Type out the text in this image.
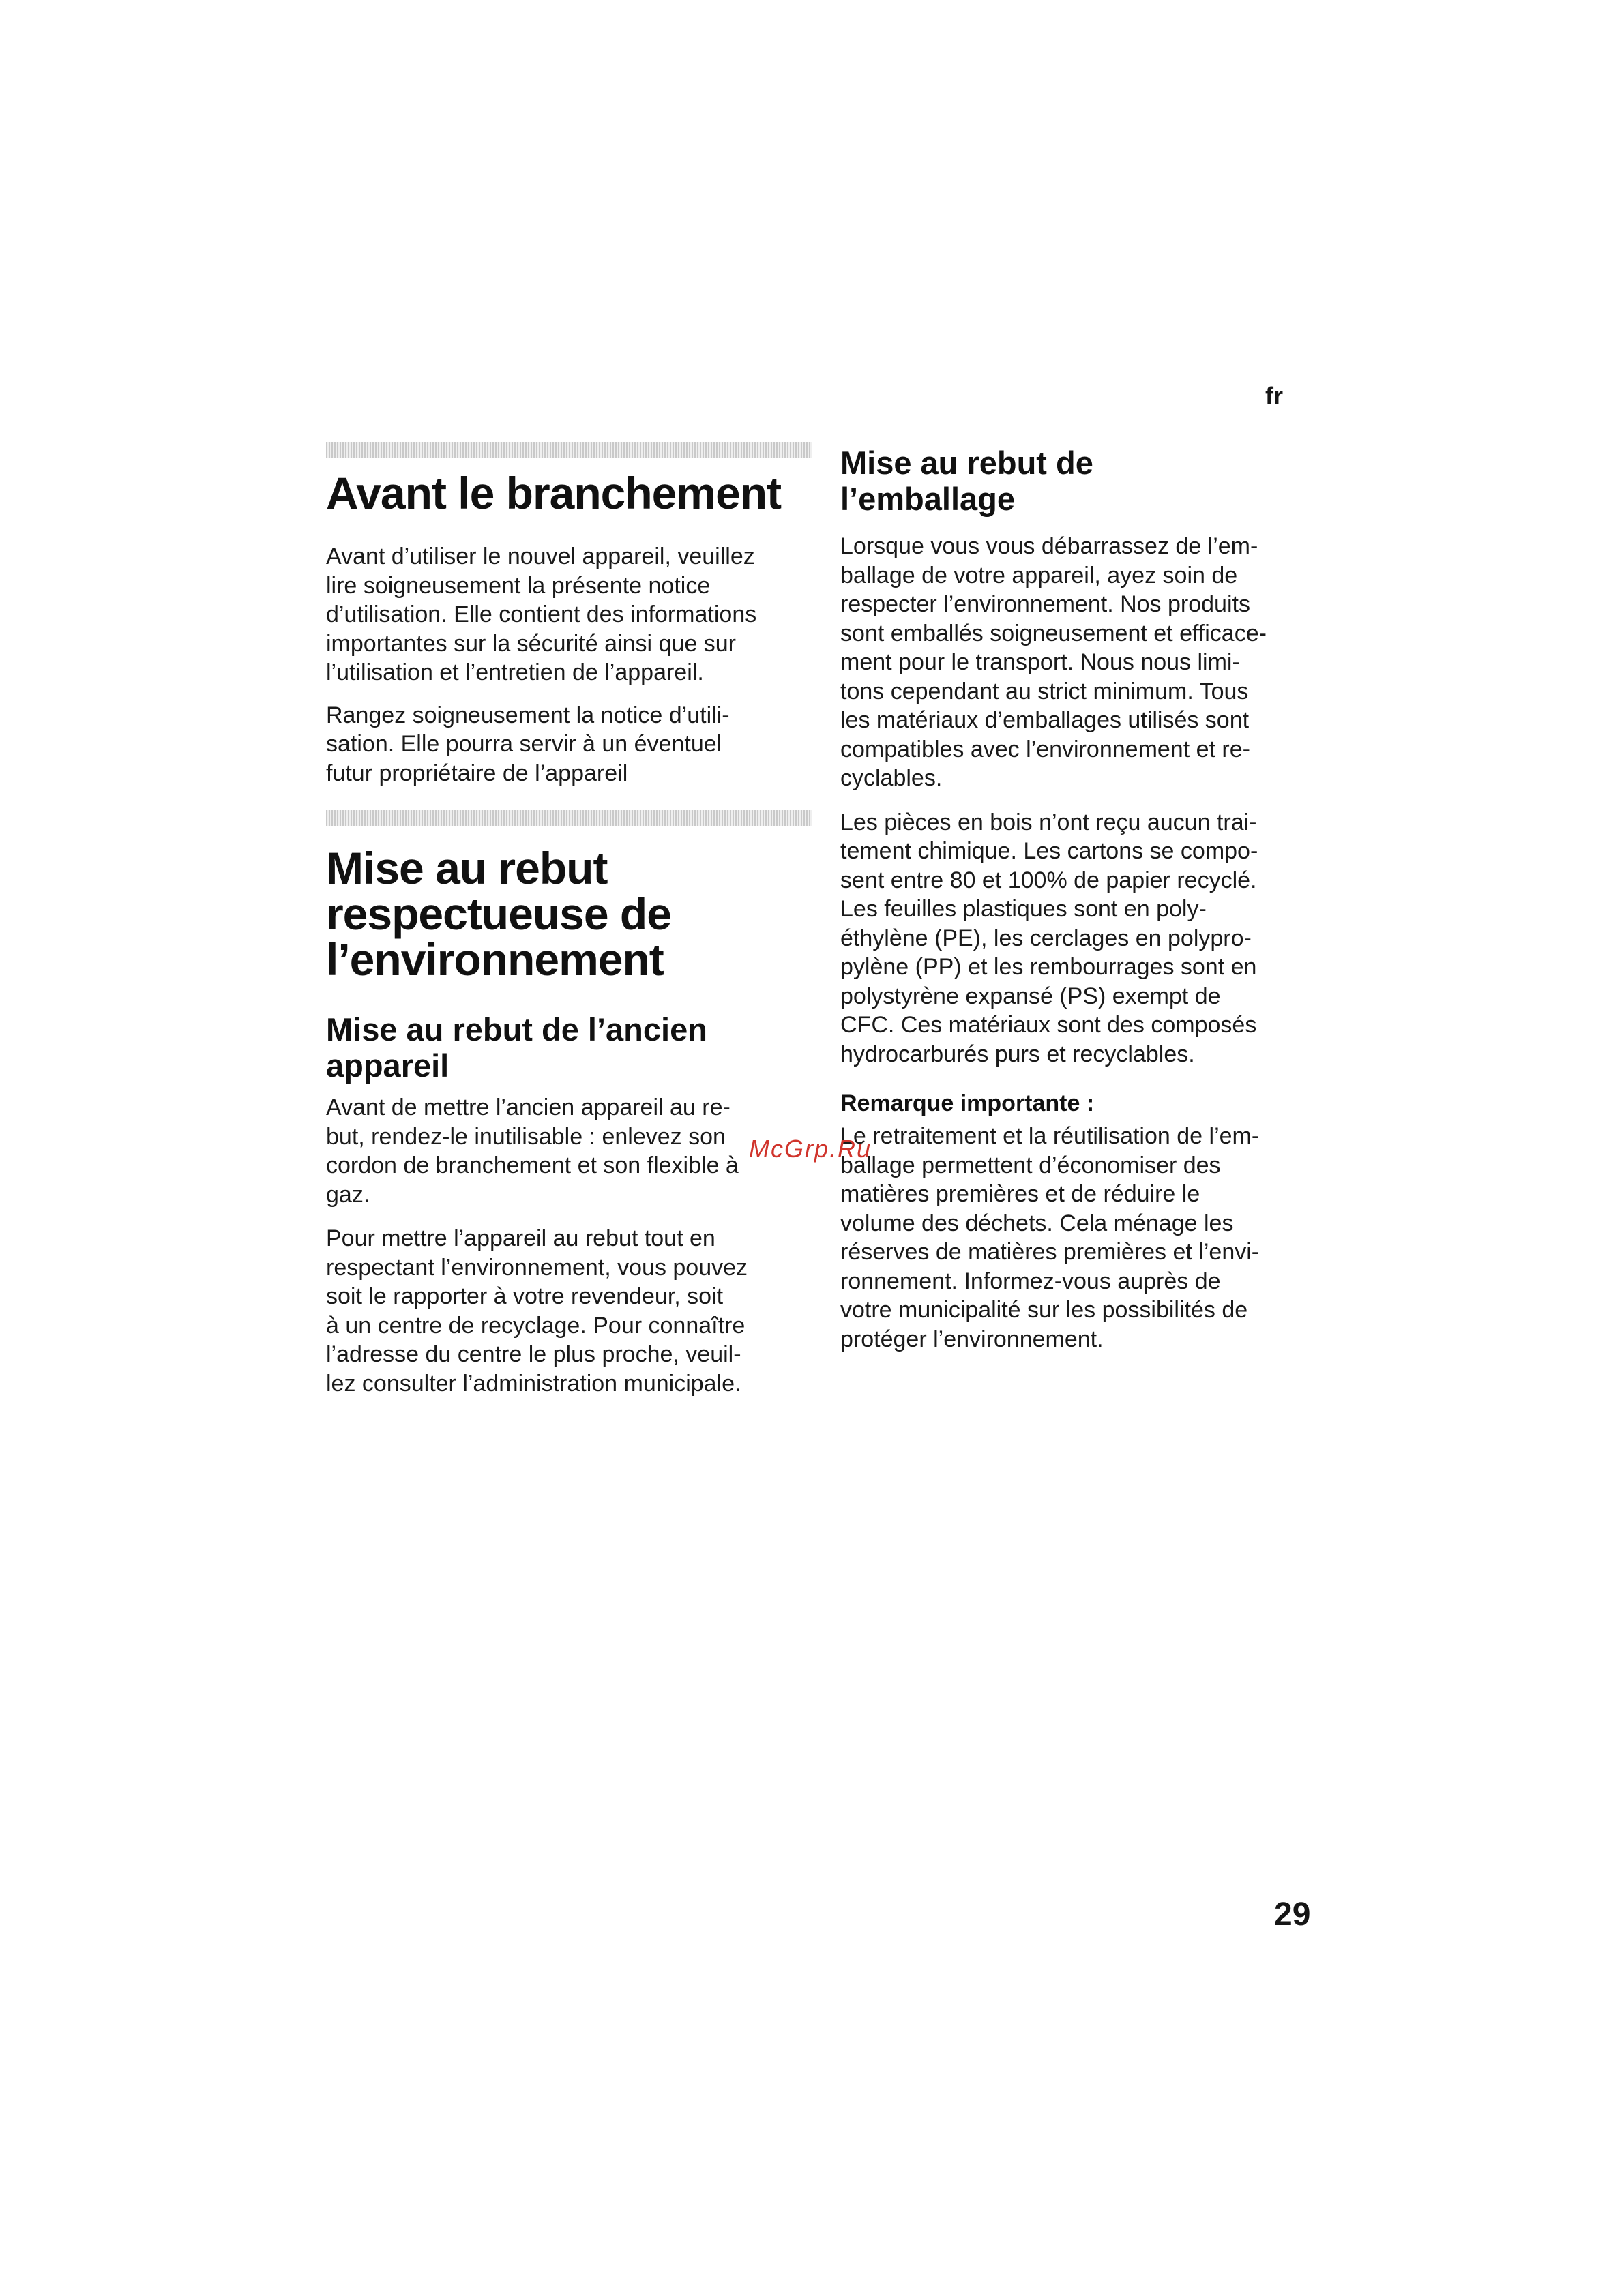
fr
Avant le branchement

Avant d’utiliser le nouvel appareil, veuillez
lire soigneusement la présente notice
d’utilisation. Elle contient des informations
importantes sur la sécurité ainsi que sur
l’utilisation et l’entretien de l’appareil.

Rangez soigneusement la notice d’utili-
sation. Elle pourra servir à un éventuel
futur propriétaire de l’appareil

Mise au rebut
respectueuse de
l’environnement
Mise au rebut de l’ancien
appareil

Avant de mettre l’ancien appareil au re-
but, rendez-le inutilisable : enlevez son
cordon de branchement et son flexible à
gaz.

Pour mettre l’appareil au rebut tout en
respectant l’environnement, vous pouvez
soit le rapporter à votre revendeur, soit
à un centre de recyclage. Pour connaître
l’adresse du centre le plus proche, veuil-
lez consulter l’administration municipale.

Mise au rebut de
l’emballage

Lorsque vous vous débarrassez de l’em-
ballage de votre appareil, ayez soin de
respecter l’environnement. Nos produits
sont emballés soigneusement et efficace-
ment pour le transport. Nous nous limi-
tons cependant au strict minimum. Tous
les matériaux d’emballages utilisés sont
compatibles avec l’environnement et re-
cyclables.

Les pièces en bois n’ont reçu aucun trai-
tement chimique. Les cartons se compo-
sent entre 80 et 100% de papier recyclé.
Les feuilles plastiques sont en poly-
éthylène (PE), les cerclages en polypro-
pylène (PP) et les rembourrages sont en
polystyrène expansé (PS) exempt de
CFC. Ces matériaux sont des composés
hydrocarburés purs et recyclables.

Remarque importante :

Le retraitement et la réutilisation de l’em-
ballage permettent d’économiser des
matières premières et de réduire le
volume des déchets. Cela ménage les
réserves de matières premières et l’envi-
ronnement. Informez-vous auprès de
votre municipalité sur les possibilités de
protéger l’environnement.

McGrp.Ru
29
